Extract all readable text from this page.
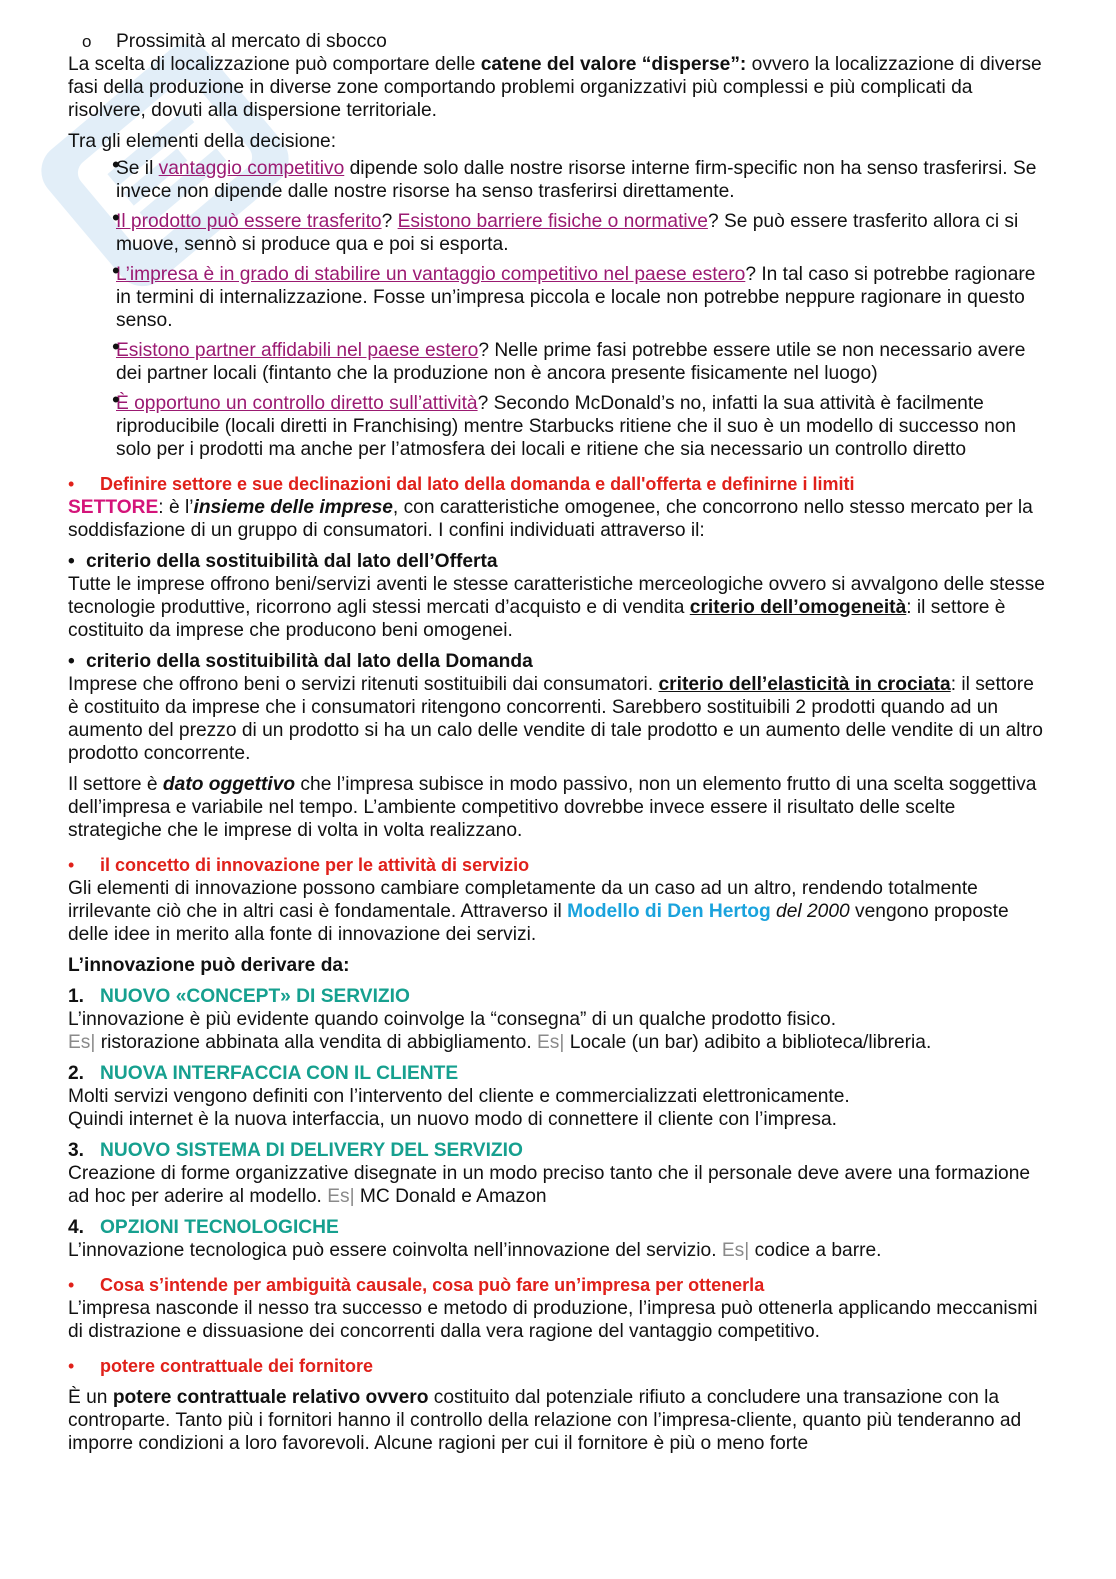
o Prossimità al mercato di sbocco

La scelta di localizzazione può comportare delle catene del valore “disperse”: ovvero la localizzazione di diverse fasi della produzione in diverse zone comportando problemi organizzativi più complessi e più complicati da risolvere, dovuti alla dispersione territoriale.

Tra gli elementi della decisione:

• Se il vantaggio competitivo dipende solo dalle nostre risorse interne firm-specific non ha senso trasferirsi. Se invece non dipende dalle nostre risorse ha senso trasferirsi direttamente.
• Il prodotto può essere trasferito? Esistono barriere fisiche o normative? Se può essere trasferito allora ci si muove, sennò si produce qua e poi si esporta.
• L’impresa è in grado di stabilire un vantaggio competitivo nel paese estero? In tal caso si potrebbe ragionare in termini di internalizzazione. Fosse un’impresa piccola e locale non potrebbe neppure ragionare in questo senso.
• Esistono partner affidabili nel paese estero? Nelle prime fasi potrebbe essere utile se non necessario avere dei partner locali (fintanto che la produzione non è ancora presente fisicamente nel luogo)
• È opportuno un controllo diretto sull’attività? Secondo McDonald’s no, infatti la sua attività è facilmente riproducibile (locali diretti in Franchising) mentre Starbucks ritiene che il suo è un modello di successo non solo per i prodotti ma anche per l’atmosfera dei locali e ritiene che sia necessario un controllo diretto

• Definire settore e sue declinazioni dal lato della domanda e dall'offerta e definirne i limiti

SETTORE: è l’insieme delle imprese, con caratteristiche omogenee, che concorrono nello stesso mercato per la soddisfazione di un gruppo di consumatori. I confini individuati attraverso il:

• criterio della sostituibilità dal lato dell’Offerta

Tutte le imprese offrono beni/servizi aventi le stesse caratteristiche merceologiche ovvero si avvalgono delle stesse tecnologie produttive, ricorrono agli stessi mercati d’acquisto e di vendita criterio dell’omogeneità: il settore è costituito da imprese che producono beni omogenei.

• criterio della sostituibilità dal lato della Domanda

Imprese che offrono beni o servizi ritenuti sostituibili dai consumatori. criterio dell’elasticità in crociata: il settore è costituito da imprese che i consumatori ritengono concorrenti. Sarebbero sostituibili 2 prodotti quando ad un aumento del prezzo di un prodotto si ha un calo delle vendite di tale prodotto e un aumento delle vendite di un altro prodotto concorrente.

Il settore è dato oggettivo che l’impresa subisce in modo passivo, non un elemento frutto di una scelta soggettiva dell’impresa e variabile nel tempo. L’ambiente competitivo dovrebbe invece essere il risultato delle scelte strategiche che le imprese di volta in volta realizzano.

• il concetto di innovazione per le attività di servizio

Gli elementi di innovazione possono cambiare completamente da un caso ad un altro, rendendo totalmente irrilevante ciò che in altri casi è fondamentale. Attraverso il Modello di Den Hertog del 2000 vengono proposte delle idee in merito alla fonte di innovazione dei servizi.

L’innovazione può derivare da:

1. NUOVO «CONCEPT» DI SERVIZIO

L’innovazione è più evidente quando coinvolge la “consegna” di un qualche prodotto fisico.
Es| ristorazione abbinata alla vendita di abbigliamento. Es| Locale (un bar) adibito a biblioteca/libreria.

2. NUOVA INTERFACCIA CON IL CLIENTE

Molti servizi vengono definiti con l’intervento del cliente e commercializzati elettronicamente.
Quindi internet è la nuova interfaccia, un nuovo modo di connettere il cliente con l’impresa.

3. NUOVO SISTEMA DI DELIVERY DEL SERVIZIO

Creazione di forme organizzative disegnate in un modo preciso tanto che il personale deve avere una formazione ad hoc per aderire al modello. Es| MC Donald e Amazon

4. OPZIONI TECNOLOGICHE

L’innovazione tecnologica può essere coinvolta nell’innovazione del servizio. Es| codice a barre.

• Cosa s’intende per ambiguità causale, cosa può fare un’impresa per ottenerla

L’impresa nasconde il nesso tra successo e metodo di produzione, l’impresa può ottenerla applicando meccanismi di distrazione e dissuasione dei concorrenti dalla vera ragione del vantaggio competitivo.

• potere contrattuale dei fornitore

È un potere contrattuale relativo ovvero costituito dal potenziale rifiuto a concludere una transazione con la controparte. Tanto più i fornitori hanno il controllo della relazione con l’impresa-cliente, quanto più tenderanno ad imporre condizioni a loro favorevoli. Alcune ragioni per cui il fornitore è più o meno forte
